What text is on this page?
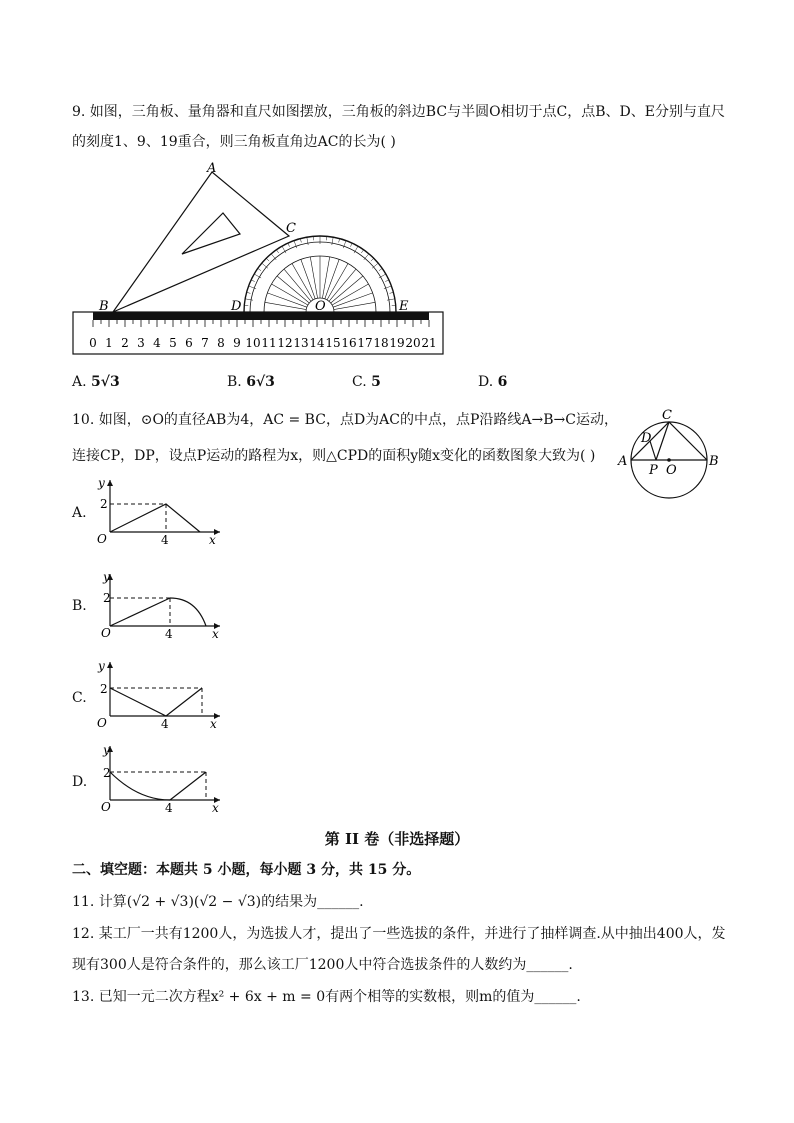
9. 如图，三角板、量角器和直尺如图摆放，三角板的斜边BC与半圆O相切于点C，点B、D、E分别与直尺
的刻度1、9、19重合，则三角板直角边AC的长为( )
0 1 2 3 4 5 6 7 8 9 10 11 12 13 14 15 16 17 18 19 20 21
A
C
B	D	E
O
A. 5√3	B. 6√3	C. 5	D. 6
10. 如图，⊙O的直径AB为4，AC = BC，点D为AC的中点，点P沿路线A→B→C运动，
连接CP，DP，设点P运动的路程为x，则△CPD的面积y随x变化的函数图象大致为( ) A	B
C
D
P O
A.
y
2
O	4	x
B.
y
2
O	4	x
C.
y
2
O	4	x
D.
y
2
O	4	x
第 II 卷（非选择题）
二、填空题：本题共 5 小题，每小题 3 分，共 15 分。
11. 计算(√2 + √3)(√2 − √3)的结果为______.
12. 某工厂一共有1200人，为选拔人才，提出了一些选拔的条件，并进行了抽样调查.从中抽出400人，发
现有300人是符合条件的，那么该工厂1200人中符合选拔条件的人数约为______.
13. 已知一元二次方程x² + 6x + m = 0有两个相等的实数根，则m的值为______.
